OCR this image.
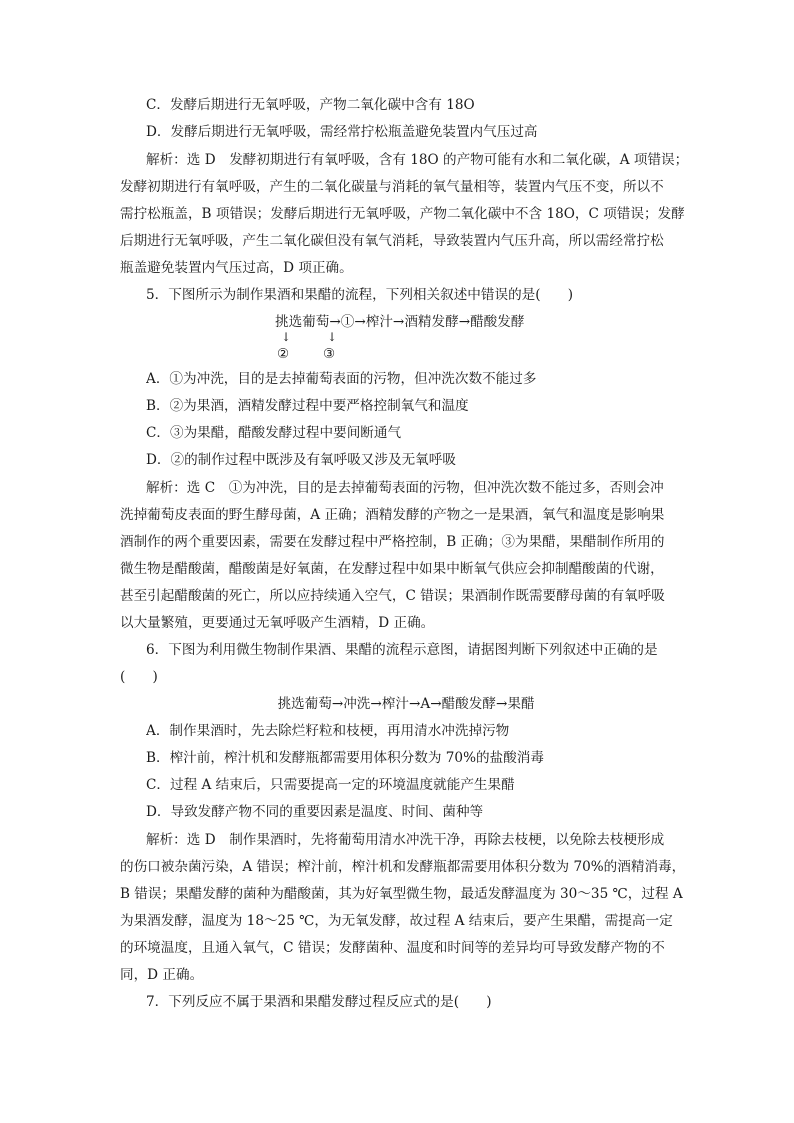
C．发酵后期进行无氧呼吸，产物二氧化碳中含有 18O
D．发酵后期进行无氧呼吸，需经常拧松瓶盖避免装置内气压过高
解析：选 D　发酵初期进行有氧呼吸，含有 18O 的产物可能有水和二氧化碳，A 项错误；
发酵初期进行有氧呼吸，产生的二氧化碳量与消耗的氧气量相等，装置内气压不变，所以不
需拧松瓶盖，B 项错误；发酵后期进行无氧呼吸，产物二氧化碳中不含 18O，C 项错误；发酵
后期进行无氧呼吸，产生二氧化碳但没有氧气消耗，导致装置内气压升高，所以需经常拧松
瓶盖避免装置内气压过高，D 项正确。
5．下图所示为制作果酒和果醋的流程，下列相关叙述中错误的是(　　)
挑选葡萄→①→榨汁→酒精发酵→醋酸发酵
↓	↓
②	③
A．①为冲洗，目的是去掉葡萄表面的污物，但冲洗次数不能过多
B．②为果酒，酒精发酵过程中要严格控制氧气和温度
C．③为果醋，醋酸发酵过程中要间断通气
D．②的制作过程中既涉及有氧呼吸又涉及无氧呼吸
解析：选 C　①为冲洗，目的是去掉葡萄表面的污物，但冲洗次数不能过多，否则会冲
洗掉葡萄皮表面的野生酵母菌，A 正确；酒精发酵的产物之一是果酒，氧气和温度是影响果
酒制作的两个重要因素，需要在发酵过程中严格控制，B 正确；③为果醋，果醋制作所用的
微生物是醋酸菌，醋酸菌是好氧菌，在发酵过程中如果中断氧气供应会抑制醋酸菌的代谢，
甚至引起醋酸菌的死亡，所以应持续通入空气，C 错误；果酒制作既需要酵母菌的有氧呼吸
以大量繁殖，更要通过无氧呼吸产生酒精，D 正确。
6．下图为利用微生物制作果酒、果醋的流程示意图，请据图判断下列叙述中正确的是
(　　)
挑选葡萄→冲洗→榨汁→A→醋酸发酵→果醋
A．制作果酒时，先去除烂籽粒和枝梗，再用清水冲洗掉污物
B．榨汁前，榨汁机和发酵瓶都需要用体积分数为 70%的盐酸消毒
C．过程 A 结束后，只需要提高一定的环境温度就能产生果醋
D．导致发酵产物不同的重要因素是温度、时间、菌种等
解析：选 D　制作果酒时，先将葡萄用清水冲洗干净，再除去枝梗，以免除去枝梗形成
的伤口被杂菌污染，A 错误；榨汁前，榨汁机和发酵瓶都需要用体积分数为 70%的酒精消毒，
B 错误；果醋发酵的菌种为醋酸菌，其为好氧型微生物，最适发酵温度为 30～35 ℃，过程 A
为果酒发酵，温度为 18～25 ℃，为无氧发酵，故过程 A 结束后，要产生果醋，需提高一定
的环境温度，且通入氧气，C 错误；发酵菌种、温度和时间等的差异均可导致发酵产物的不
同，D 正确。
7．下列反应不属于果酒和果醋发酵过程反应式的是(　　)
